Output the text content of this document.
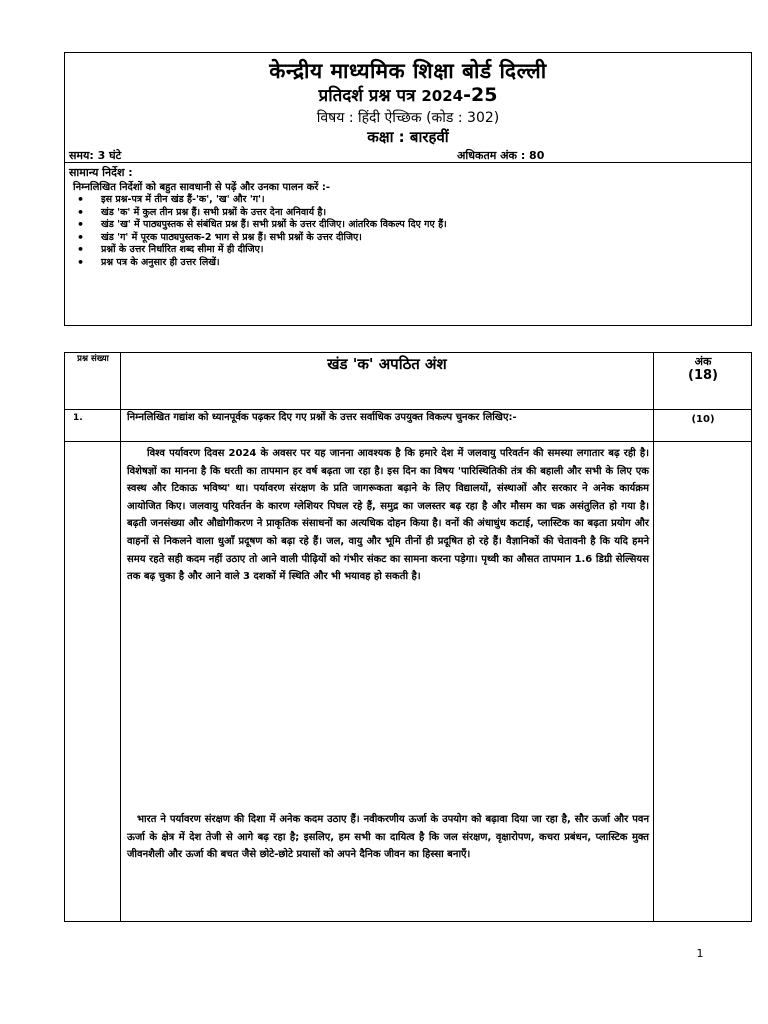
केन्द्रीय माध्यमिक शिक्षा बोर्ड दिल्ली
प्रतिदर्श प्रश्न पत्र 2024-25
विषय : हिंदी ऐच्छिक (कोड : 302)
कक्षा : बारहवीं
समय: 3 घंटे	अधिकतम अंक : 80
सामान्य निर्देश :
निम्नलिखित निर्देशों को बहुत सावधानी से पढ़ें और उनका पालन करें :-
• इस प्रश्न-पत्र में तीन खंड हैं-'क', 'ख' और 'ग'।
• खंड 'क' में कुल तीन प्रश्न हैं। सभी प्रश्नों के उत्तर देना अनिवार्य है।
• खंड 'ख' में पाठ्यपुस्तक से संबंधित प्रश्न हैं। सभी प्रश्नों के उत्तर दीजिए। आंतरिक विकल्प दिए गए हैं।
• खंड 'ग' में पूरक पाठ्यपुस्तक-2 भाग से प्रश्न हैं। सभी प्रश्नों के उत्तर दीजिए।
• प्रश्नों के उत्तर निर्धारित शब्द सीमा में ही दीजिए।
• प्रश्न पत्र के अनुसार ही उत्तर लिखें।
प्रश्न संख्या	खंड 'क' अपठित अंश	अंक
(18)
1.	निम्नलिखित गद्यांश को ध्यानपूर्वक पढ़कर दिए गए प्रश्नों के उत्तर सर्वाधिक उपयुक्त विकल्प चुनकर लिखिए:-	(10)

विश्व पर्यावरण दिवस 2024 के अवसर पर यह जानना आवश्यक है कि हमारे देश में जलवायु परिवर्तन की समस्या लगातार बढ़ रही है। विशेषज्ञों का मानना है कि धरती का तापमान हर वर्ष बढ़ता जा रहा है। इस दिन का विषय 'पारिस्थितिकी तंत्र की बहाली और सभी के लिए एक स्वस्थ और टिकाऊ भविष्य' था। पर्यावरण संरक्षण के प्रति जागरूकता बढ़ाने के लिए विद्यालयों, संस्थाओं और सरकार ने अनेक कार्यक्रम आयोजित किए। जलवायु परिवर्तन के कारण ग्लेशियर पिघल रहे हैं, समुद्र का जलस्तर बढ़ रहा है और मौसम का चक्र असंतुलित हो गया है। बढ़ती जनसंख्या और औद्योगीकरण ने प्राकृतिक संसाधनों का अत्यधिक दोहन किया है। वनों की अंधाधुंध कटाई, प्लास्टिक का बढ़ता प्रयोग और वाहनों से निकलने वाला धुआँ प्रदूषण को बढ़ा रहे हैं। जल, वायु और भूमि तीनों ही प्रदूषित हो रहे हैं। वैज्ञानिकों की चेतावनी है कि यदि हमने समय रहते सही कदम नहीं उठाए तो आने वाली पीढ़ियों को गंभीर संकट का सामना करना पड़ेगा। पृथ्वी का औसत तापमान 1.6 डिग्री सेल्सियस तक बढ़ चुका है और आने वाले 3 दशकों में स्थिति और भी भयावह हो सकती है।

भारत ने पर्यावरण संरक्षण की दिशा में अनेक कदम उठाए हैं। नवीकरणीय ऊर्जा के उपयोग को बढ़ावा दिया जा रहा है, सौर ऊर्जा और पवन ऊर्जा के क्षेत्र में देश तेजी से आगे बढ़ रहा है; इसलिए, हम सभी का दायित्व है कि जल संरक्षण, वृक्षारोपण, कचरा प्रबंधन, प्लास्टिक मुक्त जीवनशैली और ऊर्जा की बचत जैसे छोटे-छोटे प्रयासों को अपने दैनिक जीवन का हिस्सा बनाएँ।

1
